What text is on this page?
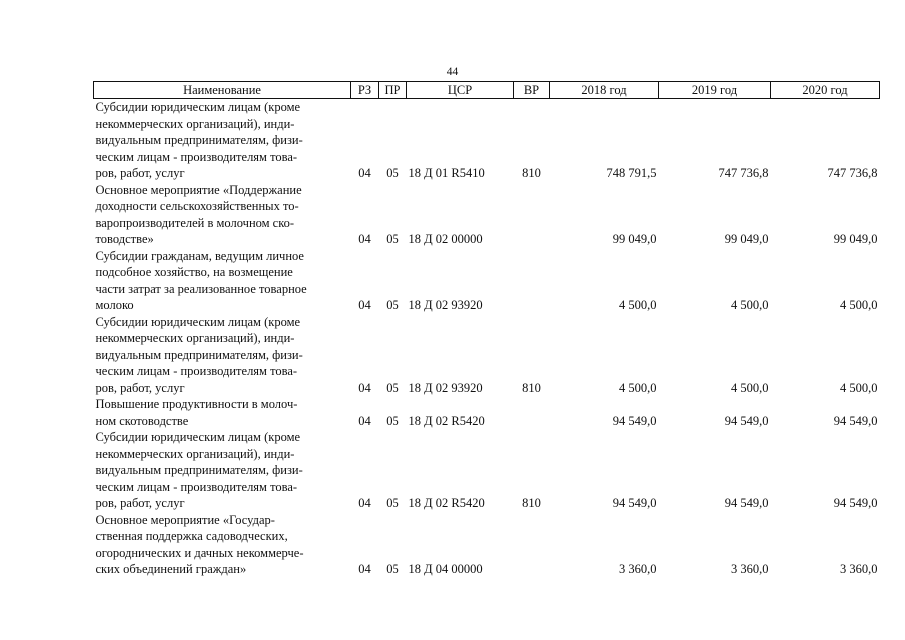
44
Наименование	РЗ	ПР	ЦСР	ВР	2018 год	2019 год	2020 год

Субсидии юридическим лицам (кроме
некоммерческих организаций), инди-
видуальным предпринимателям, физи-
ческим лицам - производителям това-
ров, работ, услуг	04	05	18 Д 01 R5410	810	748 791,5	747 736,8	747 736,8

Основное мероприятие «Поддержание
доходности сельскохозяйственных то-
варопроизводителей в молочном ско-
товодстве»	04	05	18 Д 02 00000		99 049,0	99 049,0	99 049,0

Субсидии гражданам, ведущим личное
подсобное хозяйство, на возмещение
части затрат за реализованное товарное
молоко	04	05	18 Д 02 93920		4 500,0	4 500,0	4 500,0

Субсидии юридическим лицам (кроме
некоммерческих организаций), инди-
видуальным предпринимателям, физи-
ческим лицам - производителям това-
ров, работ, услуг	04	05	18 Д 02 93920	810	4 500,0	4 500,0	4 500,0

Повышение продуктивности в молоч-
ном скотоводстве	04	05	18 Д 02 R5420		94 549,0	94 549,0	94 549,0

Субсидии юридическим лицам (кроме
некоммерческих организаций), инди-
видуальным предпринимателям, физи-
ческим лицам - производителям това-
ров, работ, услуг	04	05	18 Д 02 R5420	810	94 549,0	94 549,0	94 549,0

Основное мероприятие «Государ-
ственная поддержка садоводческих,
огороднических и дачных некоммерче-
ских объединений граждан»	04	05	18 Д 04 00000		3 360,0	3 360,0	3 360,0
